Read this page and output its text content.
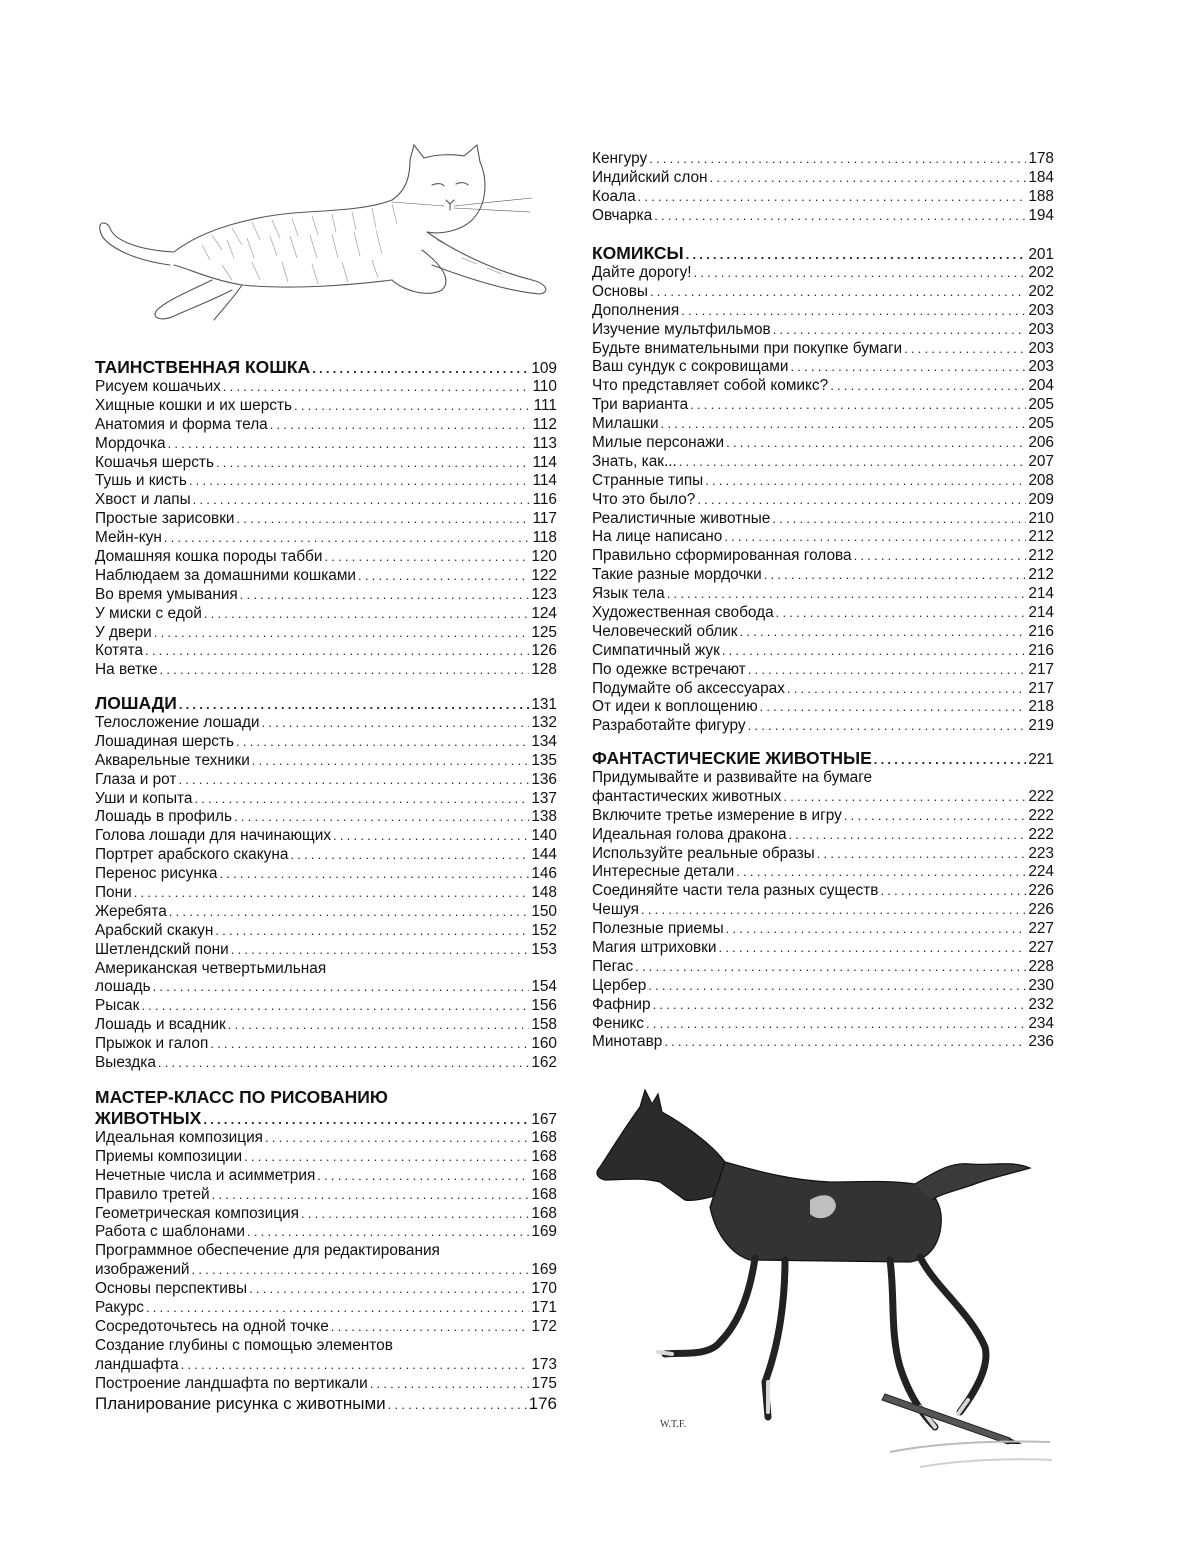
W.T.F.
ТАИНСТВЕННАЯ КОШКА .....	109
Рисуем кошачьих .....	110
Хищные кошки и их шерсть .....	111
Анатомия и форма тела .....	112
Мордочка .....	113
Кошачья шерсть .....	114
Тушь и кисть .....	114
Хвост и лапы .....	116
Простые зарисовки .....	117
Мейн-кун .....	118
Домашняя кошка породы табби .....	120
Наблюдаем за домашними кошками .....	122
Во время умывания .....	123
У миски с едой .....	124
У двери .....	125
Котята .....	126
На ветке .....	128
ЛОШАДИ .....	131
Телосложение лошади .....	132
Лошадиная шерсть .....	134
Акварельные техники .....	135
Глаза и рот .....	136
Уши и копыта .....	137
Лошадь в профиль .....	138
Голова лошади для начинающих .....	140
Портрет арабского скакуна .....	144
Перенос рисунка .....	146
Пони .....	148
Жеребята .....	150
Арабский скакун .....	152
Шетлендский пони .....	153
Американская четвертьмильная
лошадь .....	154
Рысак .....	156
Лошадь и всадник .....	158
Прыжок и галоп .....	160
Выездка .....	162
МАСТЕР-КЛАСС ПО РИСОВАНИЮ
ЖИВОТНЫХ .....	167
Идеальная композиция .....	168
Приемы композиции .....	168
Нечетные числа и асимметрия .....	168
Правило третей .....	168
Геометрическая композиция .....	168
Работа с шаблонами .....	169
Программное обеспечение для редактирования
изображений .....	169
Основы перспективы .....	170
Ракурс .....	171
Сосредоточьтесь на одной точке .....	172
Создание глубины с помощью элементов
ландшафта .....	173
Построение ландшафта по вертикали .....	175
Планирование рисунка с животными .....	176
Кенгуру .....	178
Индийский слон .....	184
Коала .....	188
Овчарка .....	194
КОМИКСЫ .....	201
Дайте дорогу! .....	202
Основы .....	202
Дополнения .....	203
Изучение мультфильмов .....	203
Будьте внимательными при покупке бумаги .....	203
Ваш сундук с сокровищами .....	203
Что представляет собой комикс? .....	204
Три варианта .....	205
Милашки .....	205
Милые персонажи .....	206
Знать, как... .....	207
Странные типы .....	208
Что это было? .....	209
Реалистичные животные .....	210
На лице написано .....	212
Правильно сформированная голова .....	212
Такие разные мордочки .....	212
Язык тела .....	214
Художественная свобода .....	214
Человеческий облик .....	216
Симпатичный жук .....	216
По одежке встречают .....	217
Подумайте об аксессуарах .....	217
От идеи к воплощению .....	218
Разработайте фигуру .....	219
ФАНТАСТИЧЕСКИЕ ЖИВОТНЫЕ .....	221
Придумывайте и развивайте на бумаге
фантастических животных .....	222
Включите третье измерение в игру .....	222
Идеальная голова дракона .....	222
Используйте реальные образы .....	223
Интересные детали .....	224
Соединяйте части тела разных существ .....	226
Чешуя .....	226
Полезные приемы .....	227
Магия штриховки .....	227
Пегас .....	228
Цербер .....	230
Фафнир .....	232
Феникс .....	234
Минотавр .....	236
